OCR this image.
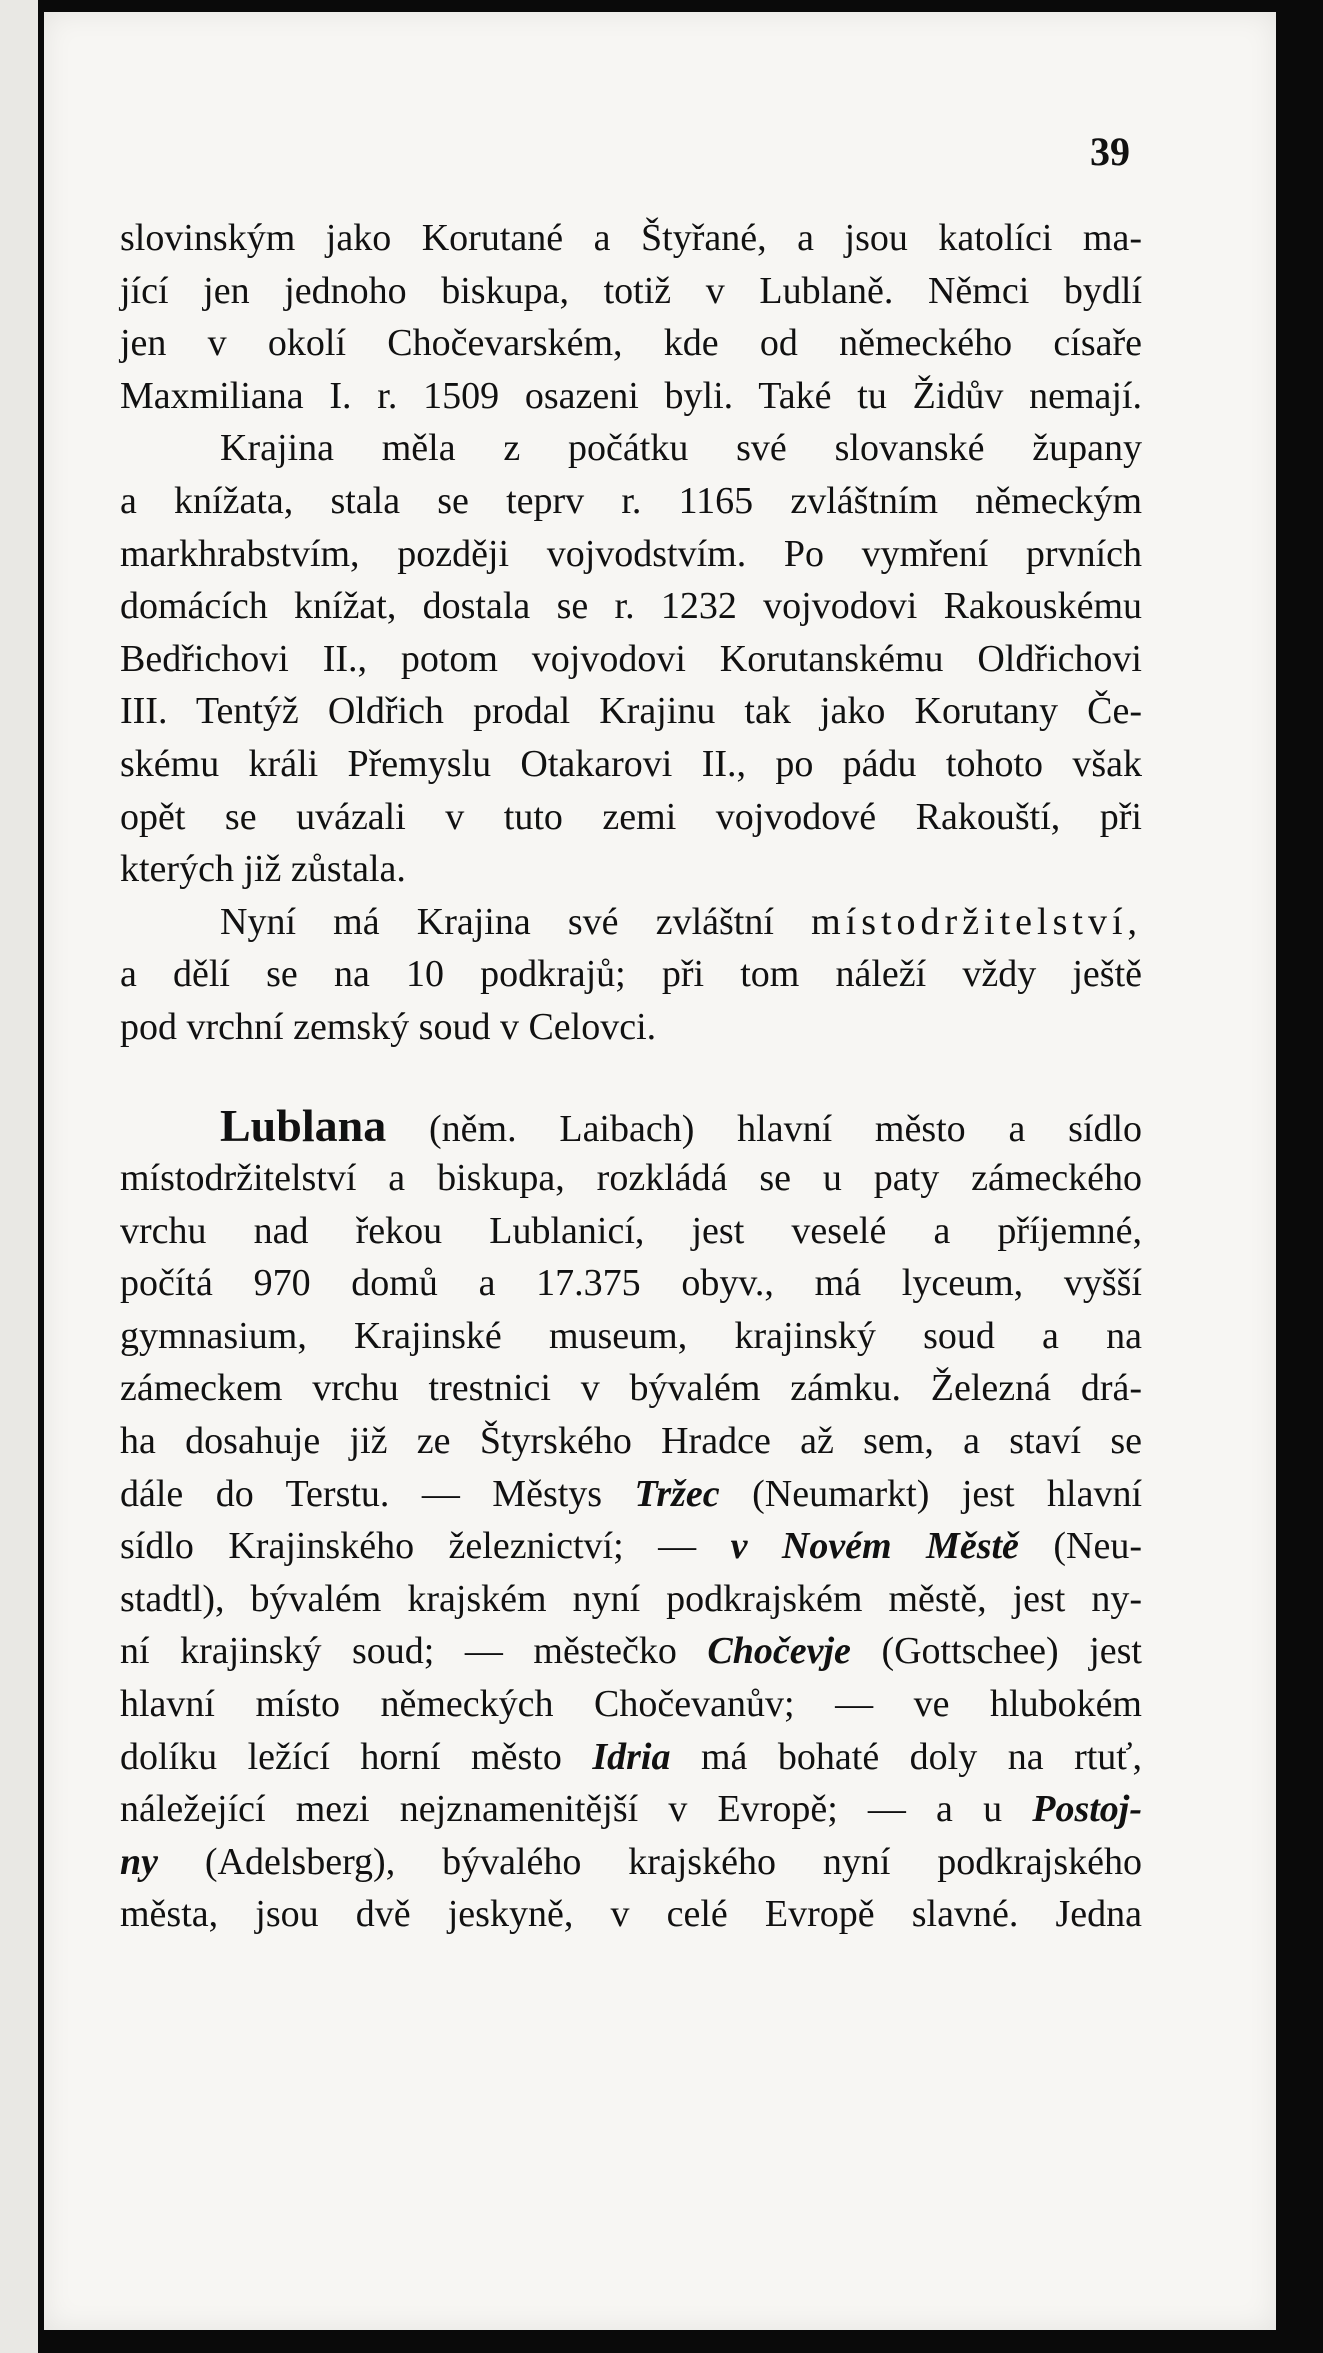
39
slovinským jako Korutané a Štyřané, a jsou katolíci ma-
jící jen jednoho biskupa, totiž v Lublaně. Němci bydlí
jen v okolí Chočevarském, kde od německého císaře
Maxmiliana I. r. 1509 osazeni byli. Také tu Židův nemají.
Krajina měla z počátku své slovanské župany
a knížata, stala se teprv r. 1165 zvláštním německým
markhrabstvím, později vojvodstvím. Po vymření prvních
domácích knížat, dostala se r. 1232 vojvodovi Rakouskému
Bedřichovi II., potom vojvodovi Korutanskému Oldřichovi
III. Tentýž Oldřich prodal Krajinu tak jako Korutany Če-
skému králi Přemyslu Otakarovi II., po pádu tohoto však
opět se uvázali v tuto zemi vojvodové Rakouští, při
kterých již zůstala.
Nyní má Krajina své zvláštní místodržitelství,
a dělí se na 10 podkrajů; při tom náleží vždy ještě
pod vrchní zemský soud v Celovci.
Lublana (něm. Laibach) hlavní město a sídlo
místodržitelství a biskupa, rozkládá se u paty zámeckého
vrchu nad řekou Lublanicí, jest veselé a příjemné,
počítá 970 domů a 17.375 obyv., má lyceum, vyšší
gymnasium, Krajinské museum, krajinský soud a na
zámeckem vrchu trestnici v bývalém zámku. Železná drá-
ha dosahuje již ze Štyrského Hradce až sem, a staví se
dále do Terstu. — Městys Tržec (Neumarkt) jest hlavní
sídlo Krajinského železnictví; — v Novém Městě (Neu-
stadtl), bývalém krajském nyní podkrajském městě, jest ny-
ní krajinský soud; — městečko Chočevje (Gottschee) jest
hlavní místo německých Chočevanův; — ve hlubokém
dolíku ležící horní město Idria má bohaté doly na rtuť,
náležející mezi nejznamenitější v Evropě; — a u Postoj-
ny (Adelsberg), bývalého krajského nyní podkrajského
města, jsou dvě jeskyně, v celé Evropě slavné. Jedna
